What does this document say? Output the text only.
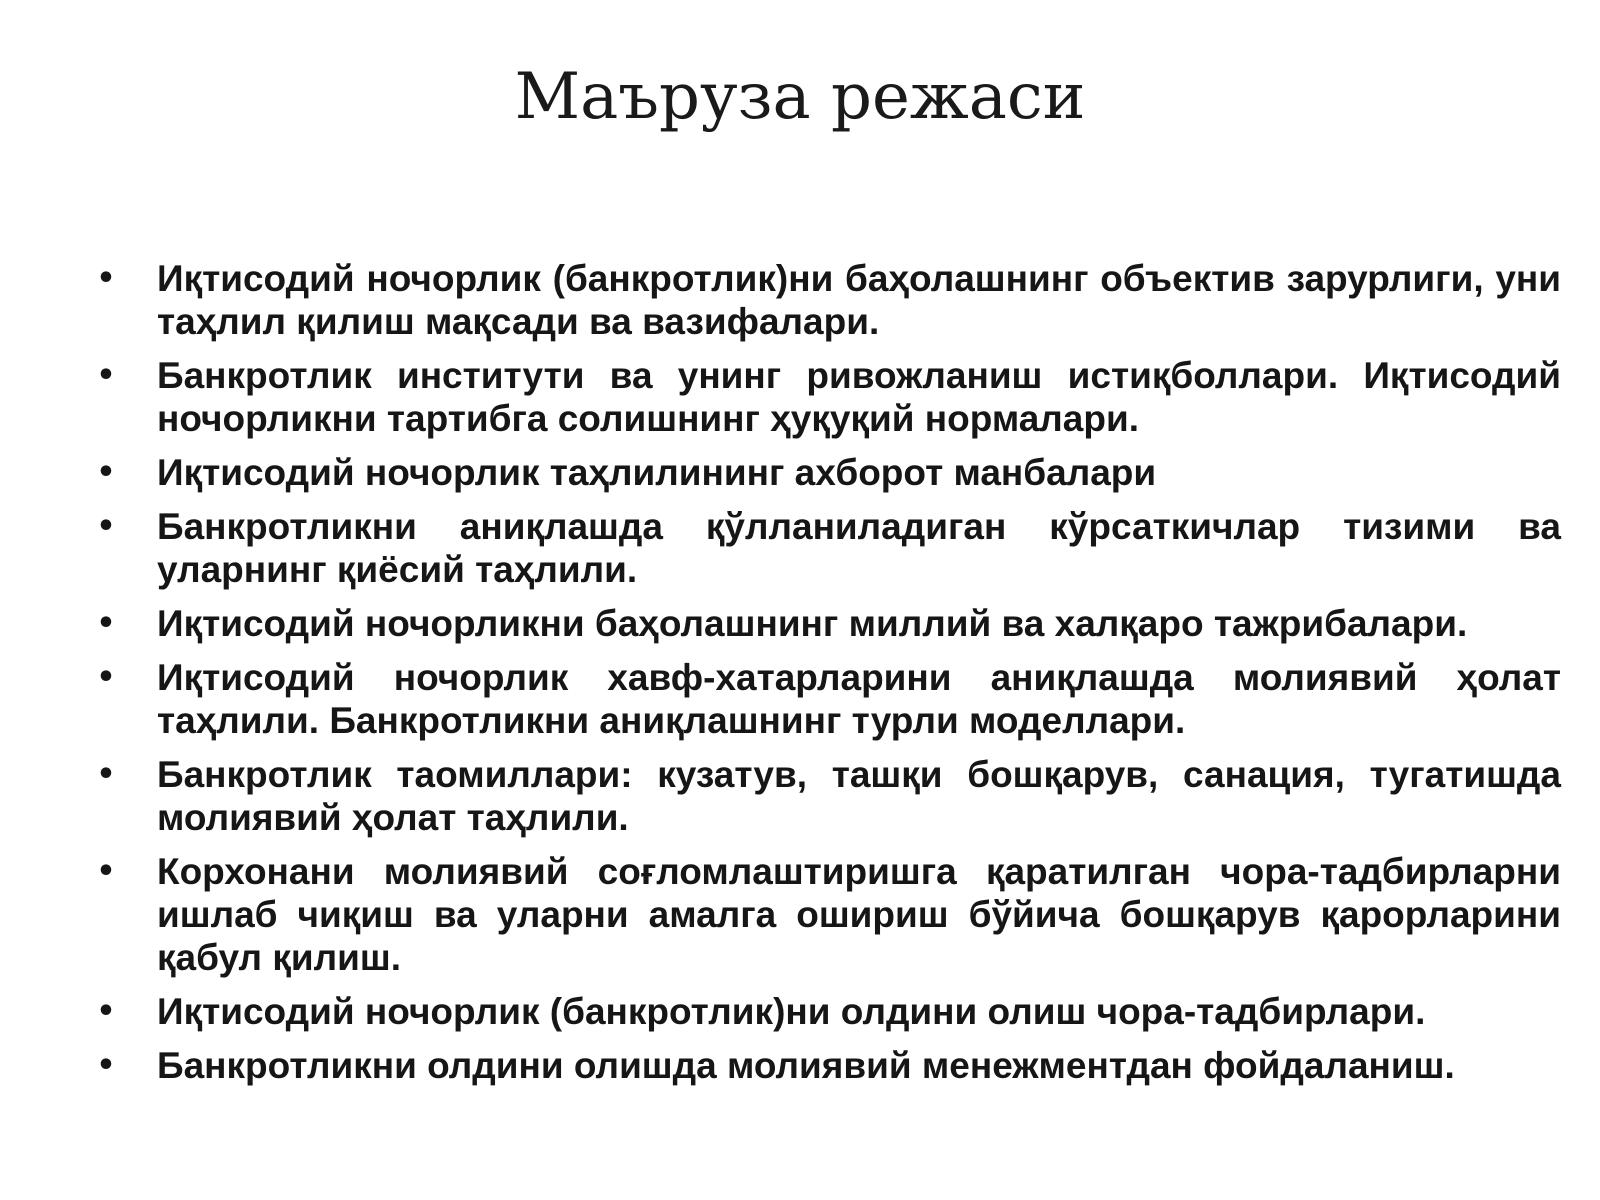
Маъруза режаси
• Иқтисодий ночорлик (банкротлик)ни баҳолашнинг объектив зарурлиги, уни таҳлил қилиш мақсади ва вазифалари.
• Банкротлик институти ва унинг ривожланиш истиқболлари. Иқтисодий ночорликни тартибга солишнинг ҳуқуқий нормалари.
• Иқтисодий ночорлик таҳлилининг ахборот манбалари
• Банкротликни аниқлашда қўлланиладиган кўрсаткичлар тизими ва уларнинг қиёсий таҳлили.
• Иқтисодий ночорликни баҳолашнинг миллий ва халқаро тажрибалари.
• Иқтисодий ночорлик хавф-хатарларини аниқлашда молиявий ҳолат таҳлили. Банкротликни аниқлашнинг турли моделлари.
• Банкротлик таомиллари: кузатув, ташқи бошқарув, санация, тугатишда молиявий ҳолат таҳлили.
• Корхонани молиявий соғломлаштиришга қаратилган чора-тадбирларни ишлаб чиқиш ва уларни амалга ошириш бўйича бошқарув қарорларини қабул қилиш.
• Иқтисодий ночорлик (банкротлик)ни олдини олиш чора-тадбирлари.
• Банкротликни олдини олишда молиявий менежментдан фойдаланиш.
